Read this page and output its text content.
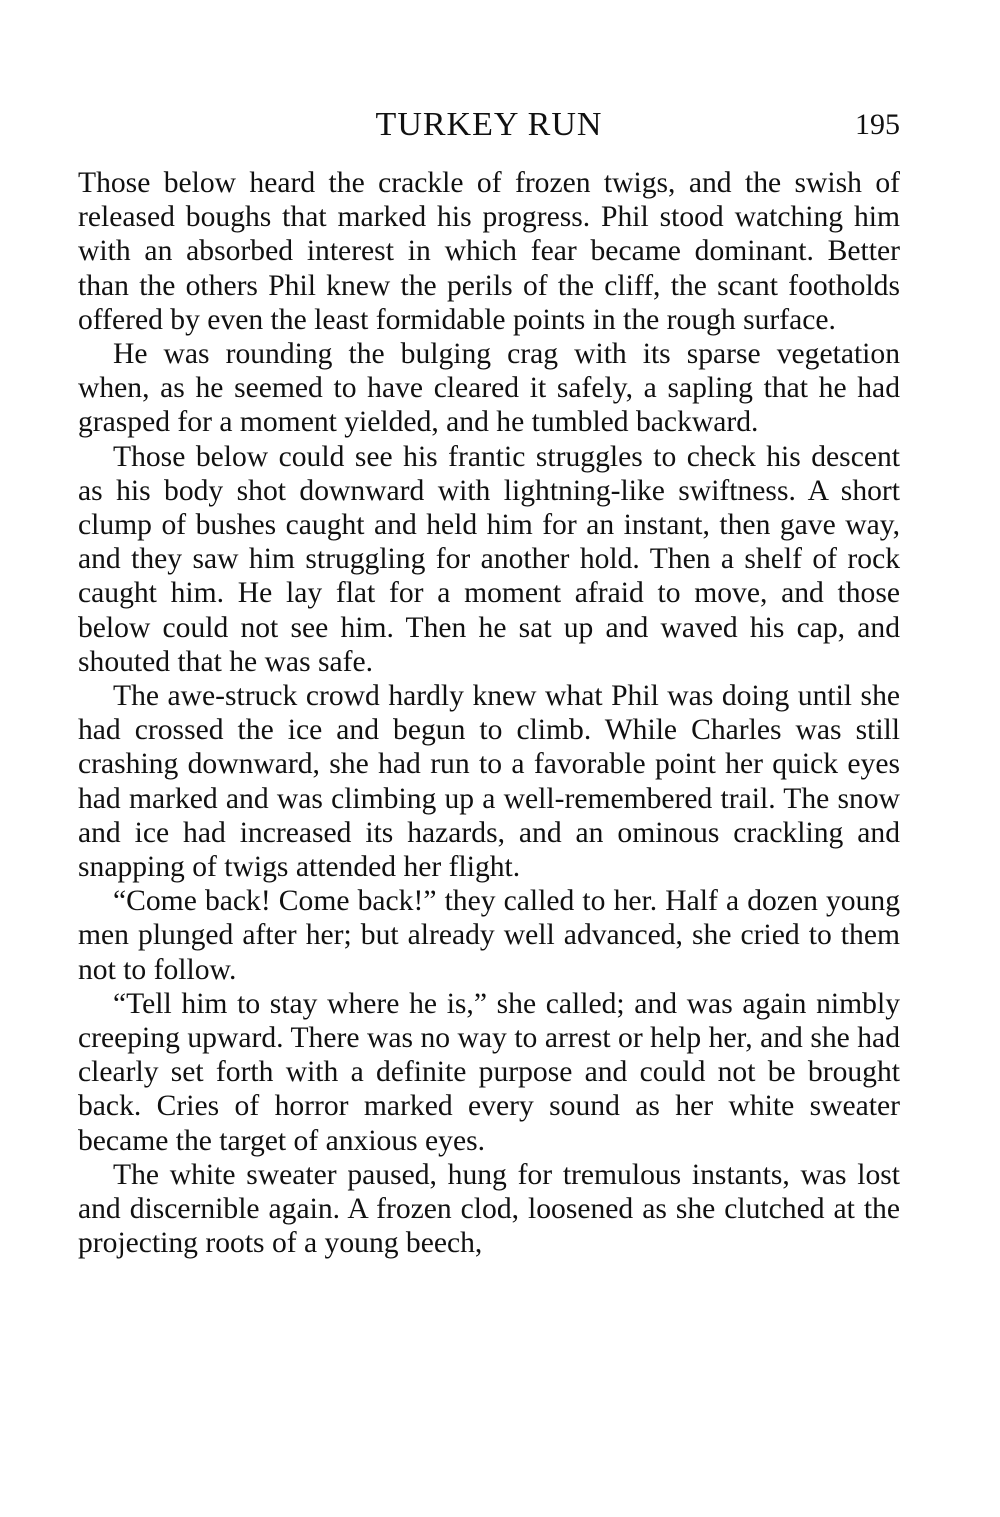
TURKEY RUN	195

Those below heard the crackle of frozen twigs, and the swish of released boughs that marked his progress. Phil stood watching him with an absorbed interest in which fear became dominant. Better than the others Phil knew the perils of the cliff, the scant footholds offered by even the least formidable points in the rough surface.

He was rounding the bulging crag with its sparse vegetation when, as he seemed to have cleared it safely, a sapling that he had grasped for a moment yielded, and he tumbled backward.

Those below could see his frantic struggles to check his descent as his body shot downward with lightning-like swiftness. A short clump of bushes caught and held him for an instant, then gave way, and they saw him struggling for another hold. Then a shelf of rock caught him. He lay flat for a moment afraid to move, and those below could not see him. Then he sat up and waved his cap, and shouted that he was safe.

The awe-struck crowd hardly knew what Phil was doing until she had crossed the ice and begun to climb. While Charles was still crashing downward, she had run to a favorable point her quick eyes had marked and was climbing up a well-remembered trail. The snow and ice had increased its hazards, and an ominous crackling and snapping of twigs attended her flight.

“Come back! Come back!” they called to her. Half a dozen young men plunged after her; but already well advanced, she cried to them not to follow.

“Tell him to stay where he is,” she called; and was again nimbly creeping upward. There was no way to arrest or help her, and she had clearly set forth with a definite purpose and could not be brought back. Cries of horror marked every sound as her white sweater became the target of anxious eyes.

The white sweater paused, hung for tremulous instants, was lost and discernible again. A frozen clod, loosened as she clutched at the projecting roots of a young beech,
